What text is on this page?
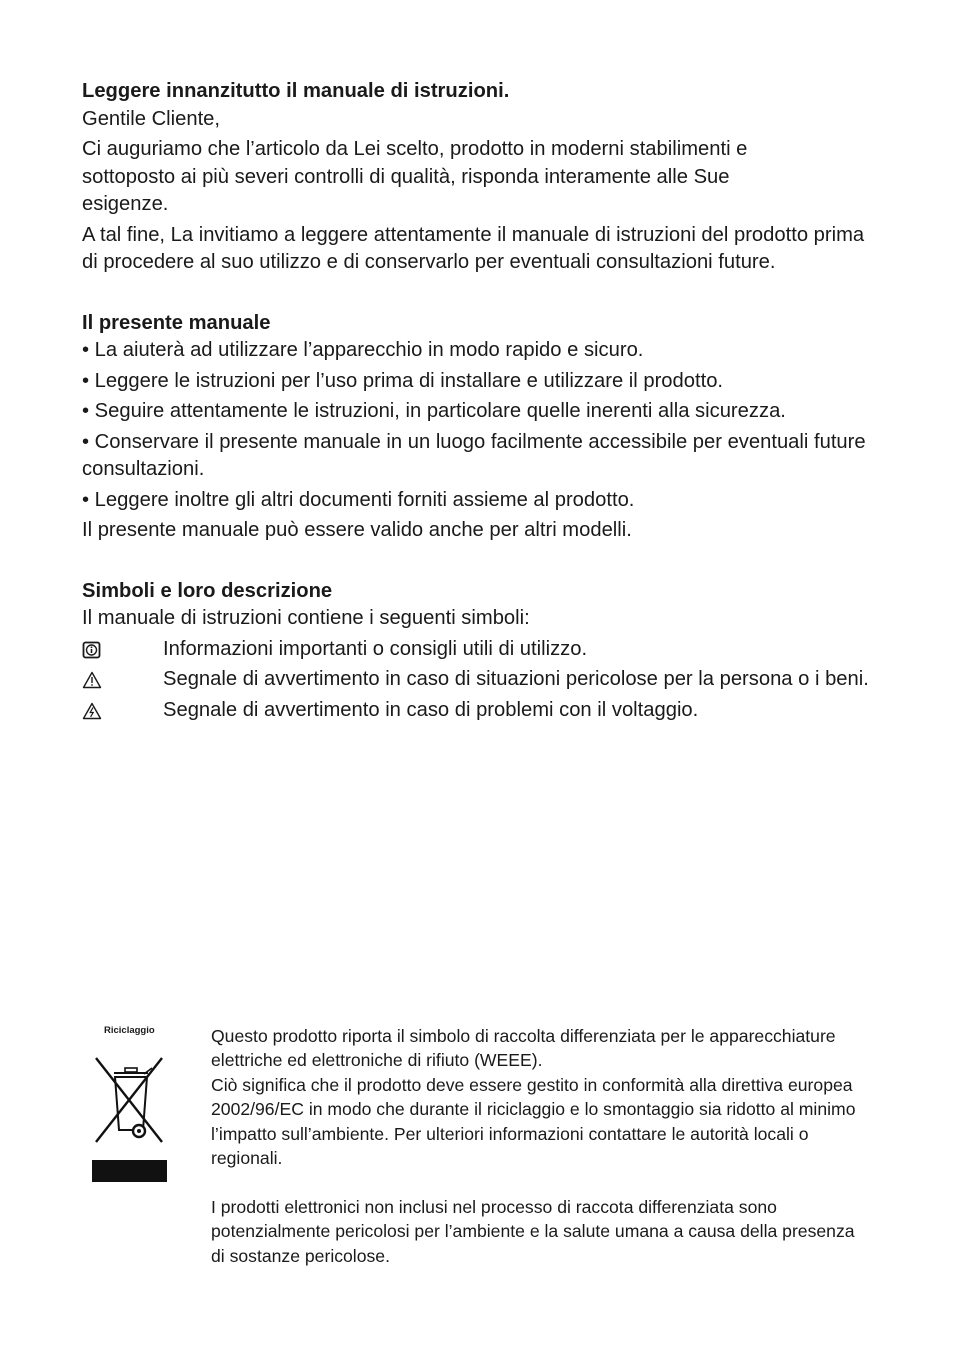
Leggere innanzitutto il manuale di istruzioni.

Gentile Cliente,

Ci auguriamo che l’articolo da Lei scelto, prodotto in moderni stabilimenti e sottoposto ai più severi controlli di qualità, risponda interamente alle Sue esigenze.

A tal fine, La invitiamo a leggere attentamente il manuale di istruzioni del prodotto prima di procedere al suo utilizzo e di conservarlo per eventuali consultazioni future.

Il presente manuale

• La aiuterà ad utilizzare l’apparecchio in modo rapido e sicuro.

• Leggere le istruzioni per l’uso prima di installare e utilizzare il prodotto.

• Seguire attentamente le istruzioni, in particolare quelle inerenti alla sicurezza.

• Conservare il presente manuale in un luogo facilmente accessibile per eventuali future consultazioni.

• Leggere inoltre gli altri documenti forniti assieme al prodotto.

Il presente manuale può essere valido anche per altri modelli.

Simboli e loro descrizione

Il manuale di istruzioni contiene i seguenti simboli:

Informazioni importanti o consigli utili di utilizzo.
Segnale di avvertimento in caso di situazioni pericolose per la persona o i beni.
Segnale di avvertimento in caso di problemi con il voltaggio.
Riciclaggio	Questo prodotto riporta il simbolo di raccolta differenziata per le apparecchiature elettriche ed elettroniche di rifiuto (WEEE).

Ciò significa che il prodotto deve essere gestito in conformità alla direttiva europea 2002/96/EC in modo che durante il riciclaggio e lo smontaggio sia ridotto al minimo l’impatto sull’ambiente. Per ulteriori informazioni contattare le autorità locali o regionali.

I prodotti elettronici non inclusi nel processo di raccota differenziata sono potenzialmente pericolosi per l’ambiente e la salute umana a causa della presenza di sostanze pericolose.
